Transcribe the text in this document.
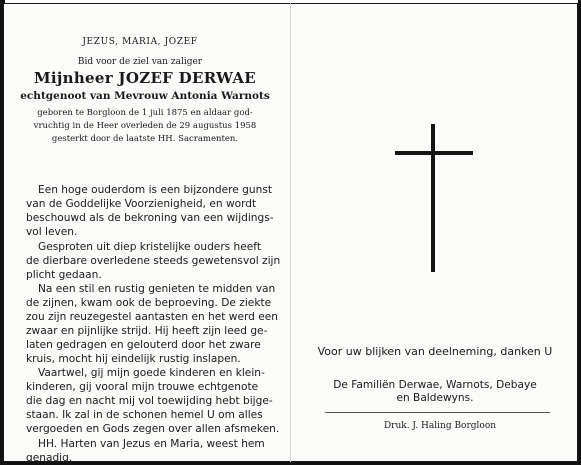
JEZUS, MARIA, JOZEF
Bid voor de ziel van zaliger
Mijnheer JOZEF DERWAE
echtgenoot van Mevrouw Antonia Warnots
geboren te Borgloon de 1 juli 1875 en aldaar god-
vruchtig in de Heer overleden de 29 augustus 1958
gesterkt door de laatste HH. Sacramenten.
Een hoge ouderdom is een bijzondere gunst
van de Goddelijke Voorzienigheid, en wordt
beschouwd als de bekroning van een wijdings-
vol leven.
Gesproten uit diep kristelijke ouders heeft
de dierbare overledene steeds gewetensvol zijn
plicht gedaan.
Na een stil en rustig genieten te midden van
de zijnen, kwam ook de beproeving. De ziekte
zou zijn reuzegestel aantasten en het werd een
zwaar en pijnlijke strijd. Hij heeft zijn leed ge-
laten gedragen en gelouterd door het zware
kruis, mocht hij eindelijk rustig inslapen.
Vaartwel, gij mijn goede kinderen en klein-
kinderen, gij vooral mijn trouwe echtgenote
die dag en nacht mij vol toewijding hebt bijge-
staan. Ik zal in de schonen hemel U om alles
vergoeden en Gods zegen over allen afsmeken.
HH. Harten van Jezus en Maria, weest hem
genadig.
Voor uw blijken van deelneming, danken U
De Familiën Derwae, Warnots, Debaye
en Baldewyns.
Druk. J. Haling Borgloon
